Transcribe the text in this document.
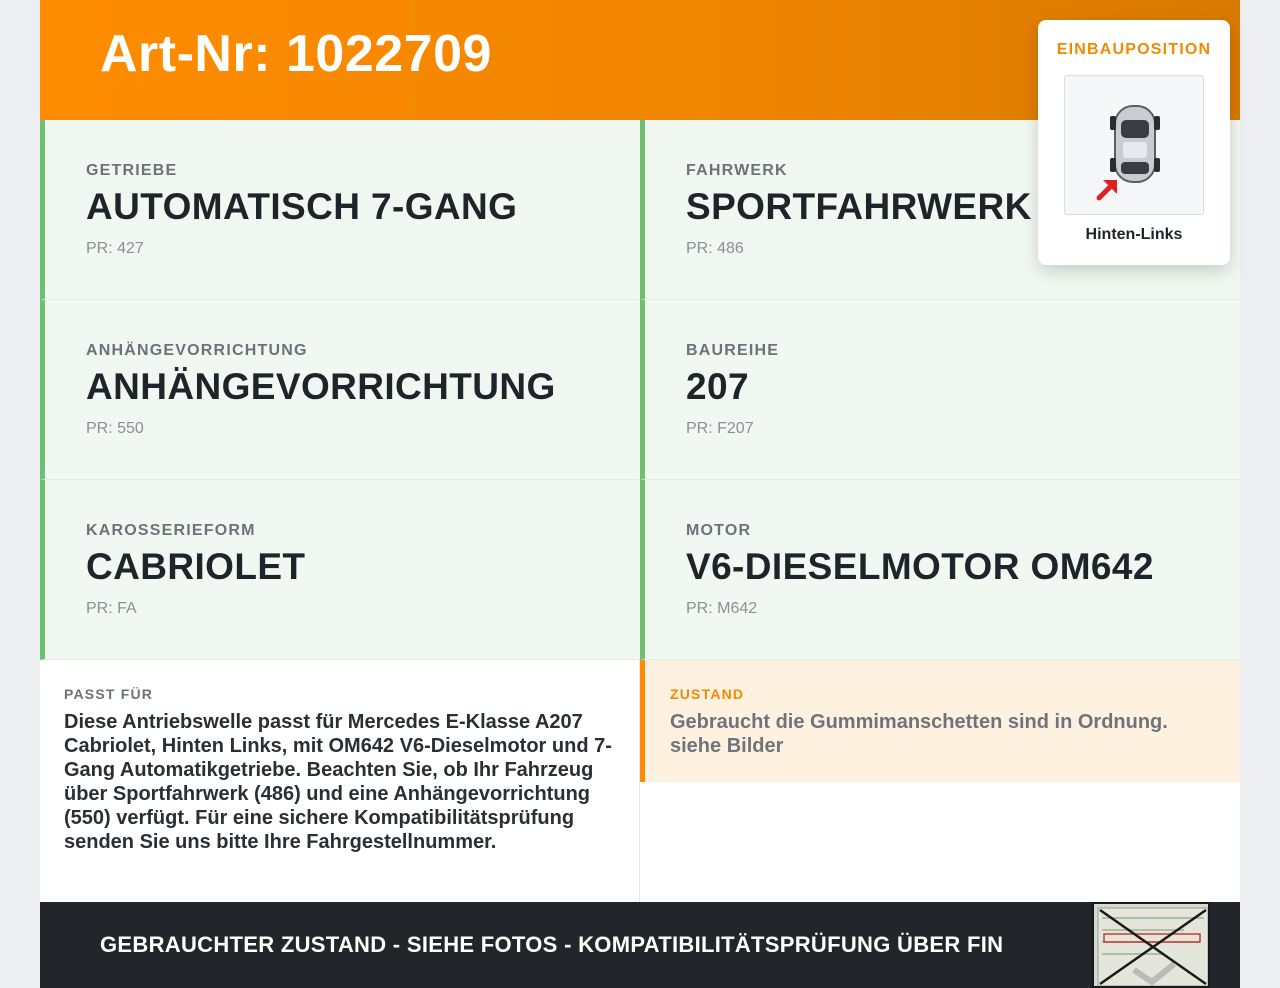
Art-Nr: 1022709
GETRIEBE
AUTOMATISCH 7-GANG
PR: 427
FAHRWERK
SPORTFAHRWERK
PR: 486
ANHÄNGEVORRICHTUNG
ANHÄNGEVORRICHTUNG
PR: 550
BAUREIHE
207
PR: F207
KAROSSERIEFORM
CABRIOLET
PR: FA
MOTOR
V6-DIESELMOTOR OM642
PR: M642
PASST FÜR
Diese Antriebswelle passt für Mercedes E-Klasse A207 Cabriolet, Hinten Links, mit OM642 V6-Dieselmotor und 7-Gang Automatikgetriebe. Beachten Sie, ob Ihr Fahrzeug über Sportfahrwerk (486) und eine Anhängevorrichtung (550) verfügt. Für eine sichere Kompatibilitätsprüfung senden Sie uns bitte Ihre Fahrgestellnummer.
ZUSTAND
Gebraucht die Gummimanschetten sind in Ordnung. siehe Bilder
GEBRAUCHTER ZUSTAND - SIEHE FOTOS - KOMPATIBILITÄTSPRÜFUNG ÜBER FIN
EINBAUPOSITION
Hinten-Links
